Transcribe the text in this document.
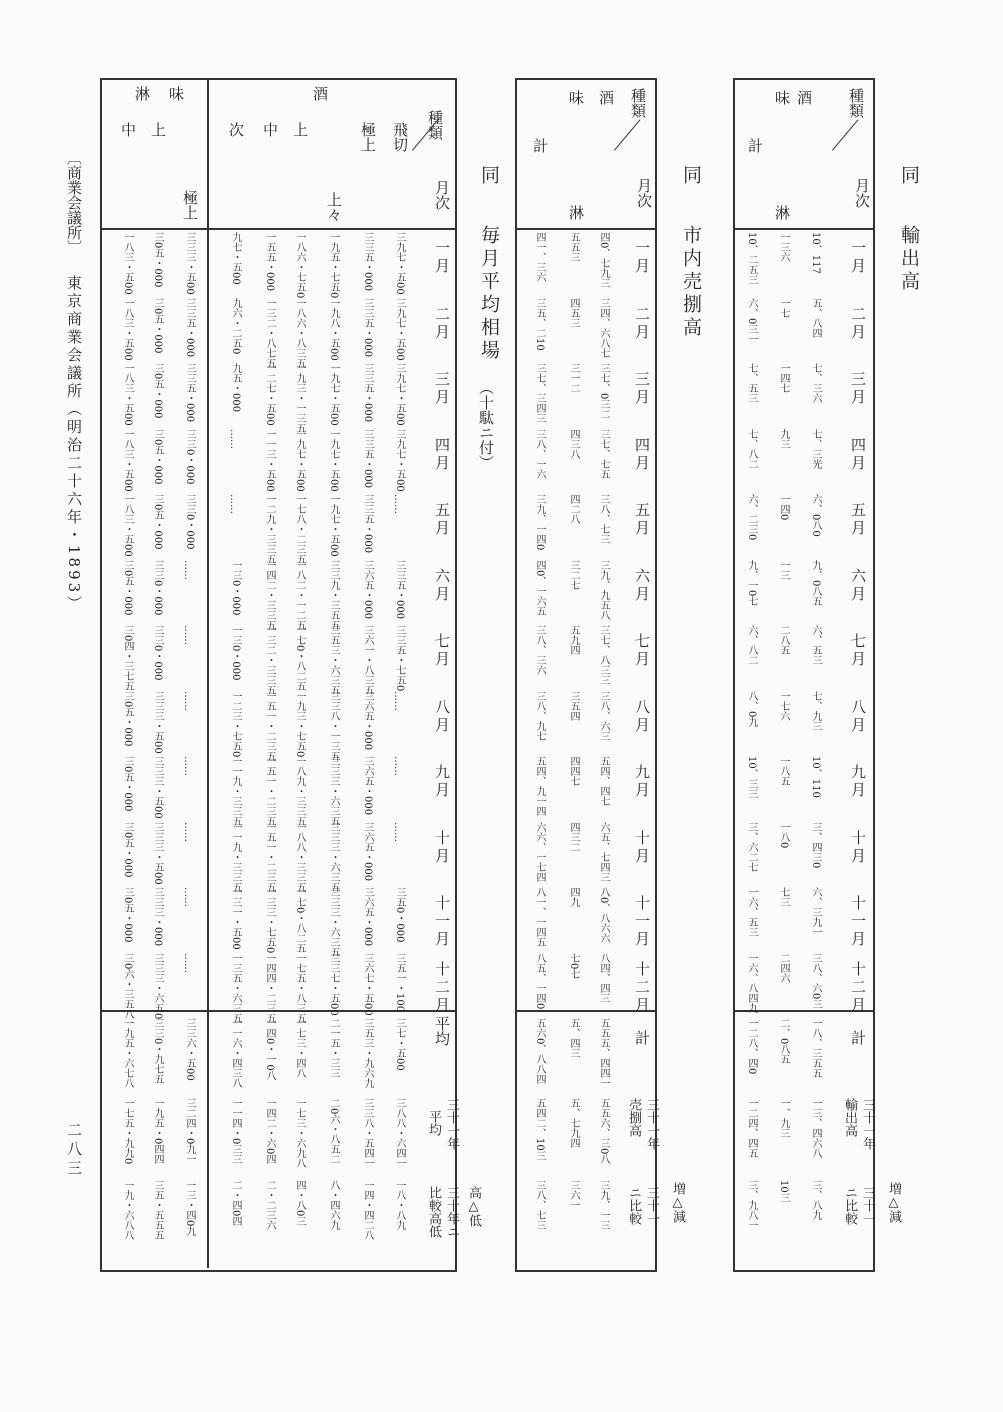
同
輸出高
種類
月次
酒
味
淋
計
一月
二月
三月
四月
五月
六月
七月
八月
九月
十月
十一月
十二月
10、117
五、八四
七、三六
七、三光
六、0八0
九、0八五
六、五三
七、九三
10、110
三、四三0
六、三九一
三八、六0三
一八、三五五
一三、四六八
三、八九
一三六
一七
一四七
九三
一四0
一三
二八五
一七六
一八五
一八0
七三
二四六
二、0八五
一、九三
10三
10、二五三
六、0三一
七、五三
七、八二
六、二三0
九、一0七
六、八二
八、0九
10、三三
三、六二七
一六、五三
一六、八四九
一二八、四0
一二四、四五
三、九八一
計
三十一年
輸出高
三十一
ニ比較 増△減
同
市内売捌高
種類
月次
酒
味
淋
計
一月
二月
三月
四月
五月
六月
七月
八月
九月
十月
十一月
十二月
四0、七九三
三四、六八七
三七、0三二
三七、七五
三八、七三
三九、九五八
三七、八三三
三八、六三
五四、四七
六五、七四三
八0、八六六
八四、四三
五五五、四四一
五五六、三0八
三九、一三
五五三
四五三
三一二
四三八
四二八
三二七
五九四
三五四
四四七
四三二
四九
七0七
五、四三
五、七九四
三六一
四一、三六
三五、二10
三七、三四三
三八、一六
三九、一四0
四0、一六五
三八、三六
三八、九七
五四、九一四
六六、一七四
八一、一四五
八五、一四0
五六0、八八四
五四二、10三
三八、七三
計
三十一年
売捌高
三十一
ニ比較 増△減
同
毎月平均相場
（十駄ニ付）
種類
月次
酒
味
淋
飛切
極上
上々
上
中
次
極上
上
中
一月
二月
三月
四月
五月
六月
七月
八月
九月
十月
十一月
十二月
三九七・五00
三九七・五00
三九七・五00
三九七・五00
……
三三五・000
三三五・七五0
……
……
……
三五0・000
三五一・100
三七・五00
三八八・六四一
一八・八九
三三五・000
三三五・000
三三五・000
三三五・000
三三五・000
三六五・000
三六一・八三五
三六五・000
三六五・000
三六五・000
三六五・000
三六七・五00
三五三・九六九
三三八・五四一
一四・四二八
一九五・七五0
一九八・五00
一九七・五00
一九七・五00
一九七・五00
三三九・三五五
三五三・六三五
三三八・一三五
三三三・六三五
三三三・六三五
三三三・六三五
三三七・五00
二一五・三三
二0六・八五二
八・四六九
一八六・七五0
一八六・八三五
一九三・一三五
一九七・五00
一七八・二三五
一八二・一二五
一七0・八二五
一九三・七五0
一八九・三三五
一八八・三三五
一七0・八二五
一七五・八三五
一七三・四八
一七三・六九八
四・八0三
一五五・000
一三二・八七五
一二七・五00
一一三・五00
一二九・三三五
一四二・三三五
一三二・三三五
一五一・二三五
一五一・二三五
一五一・二三五
一三三・七五0
一四四・二三五
一四0・一0八
一四二・六0四
二・二三六
九七・五00
九六・二五0
九五・000
……
……
一三0・000
一三0・000
一二三・七五0
一一九・三三五
一一九・三三五
一三一・五00
一三五・六三五
一一六・四三八
一一四・0三三
二・四0四
三三三・五00
三三五・000
三三五・000
三三0・000
三三0・000
……
……
……
……
……
……
……
三三六・五00
三二四・0九一
一三・四0九
三0五・000
三0五・000
三0五・000
三0五・000
三0五・000
三三0・000
三三0・000
三三三・五00
三三三・五00
三三三・五00
三三三・000
三三三・六五0
三三0・九七五
一九五・0四四
三五・五五五
一八三・五00
一八三・五00
一八三・五00
一八三・五00
一八三・五00
三0五・000
三0四・三七五
三0五・000
三0五・000
三0五・000
三0五・000
三0六・三五八
一九五・六七八
一七五・九九0
一九・六八八
平均
三十一年
平均
三十年ニ
比較高低 高△低
〔商業会議所〕
東京商業会議所（明治二十六年・1893）
二八三
